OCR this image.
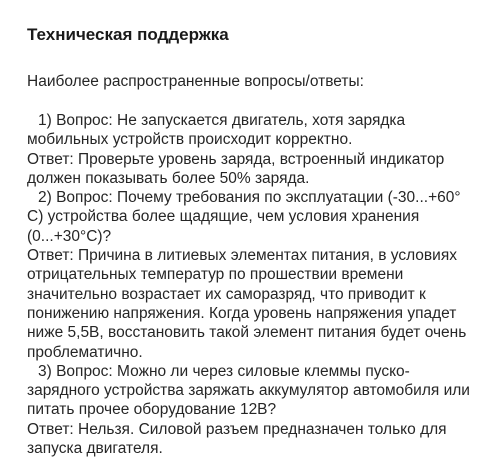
Техническая поддержка

Наиболее распространенные вопросы/ответы:

1) Вопрос: Не запускается двигатель, хотя зарядка мобильных устройств происходит корректно.

Ответ: Проверьте уровень заряда, встроенный индикатор должен показывать более 50% заряда.

2) Вопрос: Почему требования по эксплуатации (-30...+60° С) устройства более щадящие, чем условия хранения (0...+30°С)?

Ответ: Причина в литиевых элементах питания, в условиях отрицательных температур по прошествии времени значительно возрастает их саморазряд, что приводит к понижению напряжения. Когда уровень напряжения упадет ниже 5,5В, восстановить такой элемент питания будет очень проблематично.

3) Вопрос: Можно ли через силовые клеммы пуско-зарядного устройства заряжать аккумулятор автомобиля или питать прочее оборудование 12В?

Ответ: Нельзя. Силовой разъем предназначен только для запуска двигателя.
